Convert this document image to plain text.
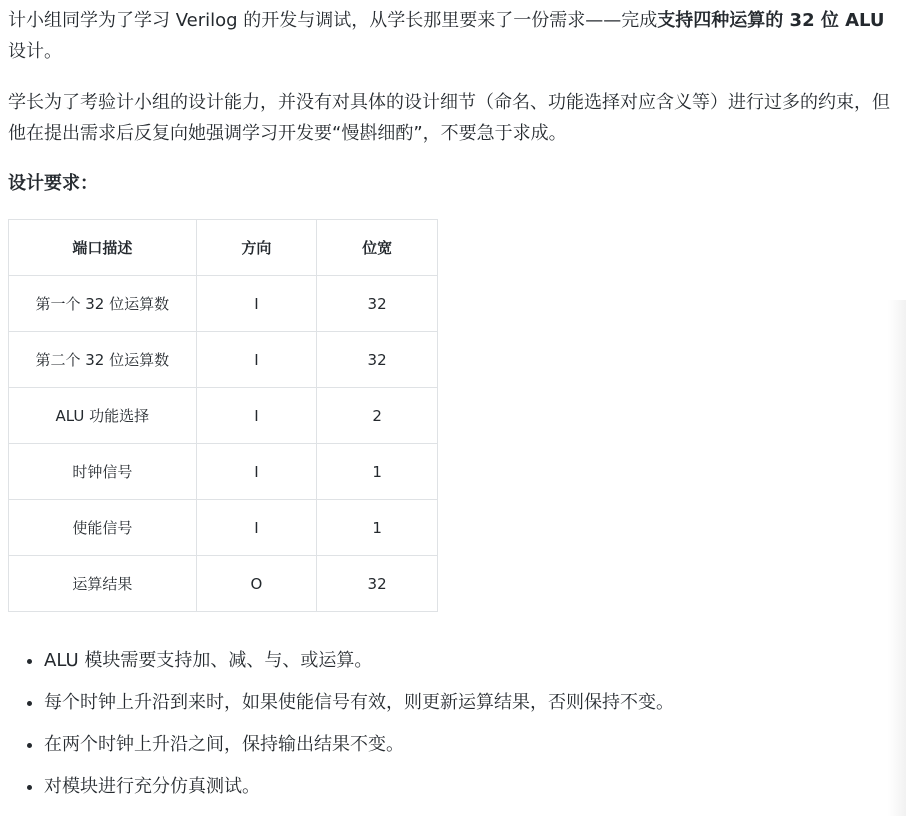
计小组同学为了学习 Verilog 的开发与调试，从学长那里要来了一份需求——完成支持四种运算的 32 位 ALU 设计。

学长为了考验计小组的设计能力，并没有对具体的设计细节（命名、功能选择对应含义等）进行过多的约束，但他在提出需求后反复向她强调学习开发要“慢斟细酌”，不要急于求成。

设计要求：
端口描述	方向	位宽
第一个 32 位运算数	I	32
第二个 32 位运算数	I	32
ALU 功能选择	I	2
时钟信号	I	1
使能信号	I	1
运算结果	O	32
• ALU 模块需要支持加、减、与、或运算。
• 每个时钟上升沿到来时，如果使能信号有效，则更新运算结果，否则保持不变。
• 在两个时钟上升沿之间，保持输出结果不变。
• 对模块进行充分仿真测试。
